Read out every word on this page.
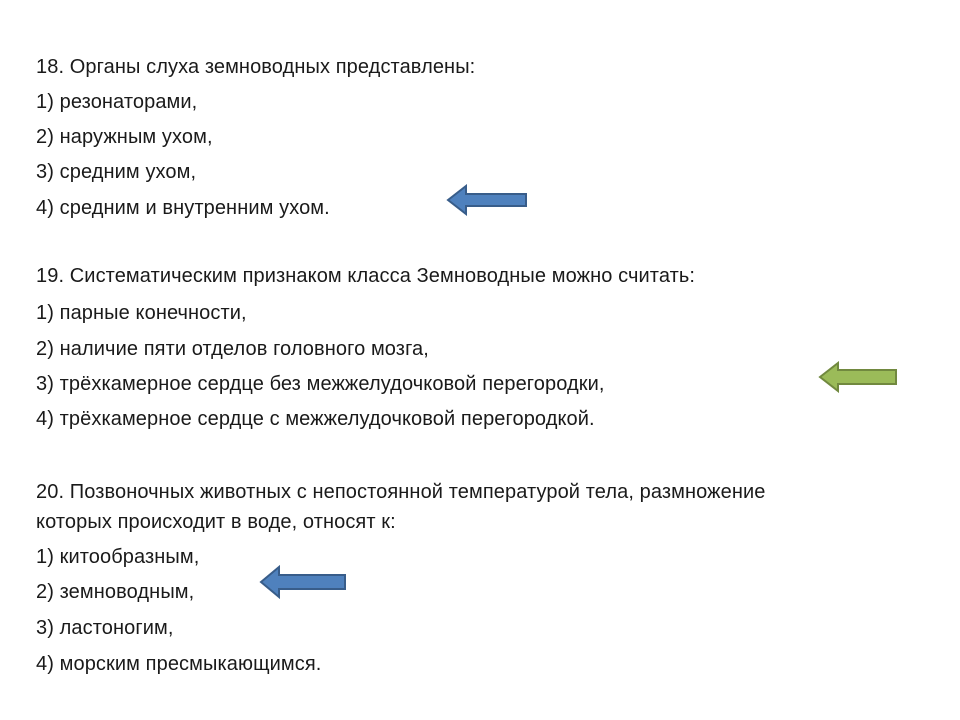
18. Органы слуха земноводных представлены:
1) резонаторами,
2) наружным ухом,
3) средним ухом,
4) средним и внутренним ухом.
19. Систематическим признаком класса Земноводные можно считать:
1) парные конечности,
2) наличие пяти отделов головного мозга,
3) трёхкамерное сердце без межжелудочковой перегородки,
4) трёхкамерное сердце с межжелудочковой перегородкой.
20. Позвоночных животных с непостоянной температурой тела, размножение
которых происходит в воде, относят к:
1) китообразным,
2) земноводным,
3) ластоногим,
4) морским пресмыкающимся.
